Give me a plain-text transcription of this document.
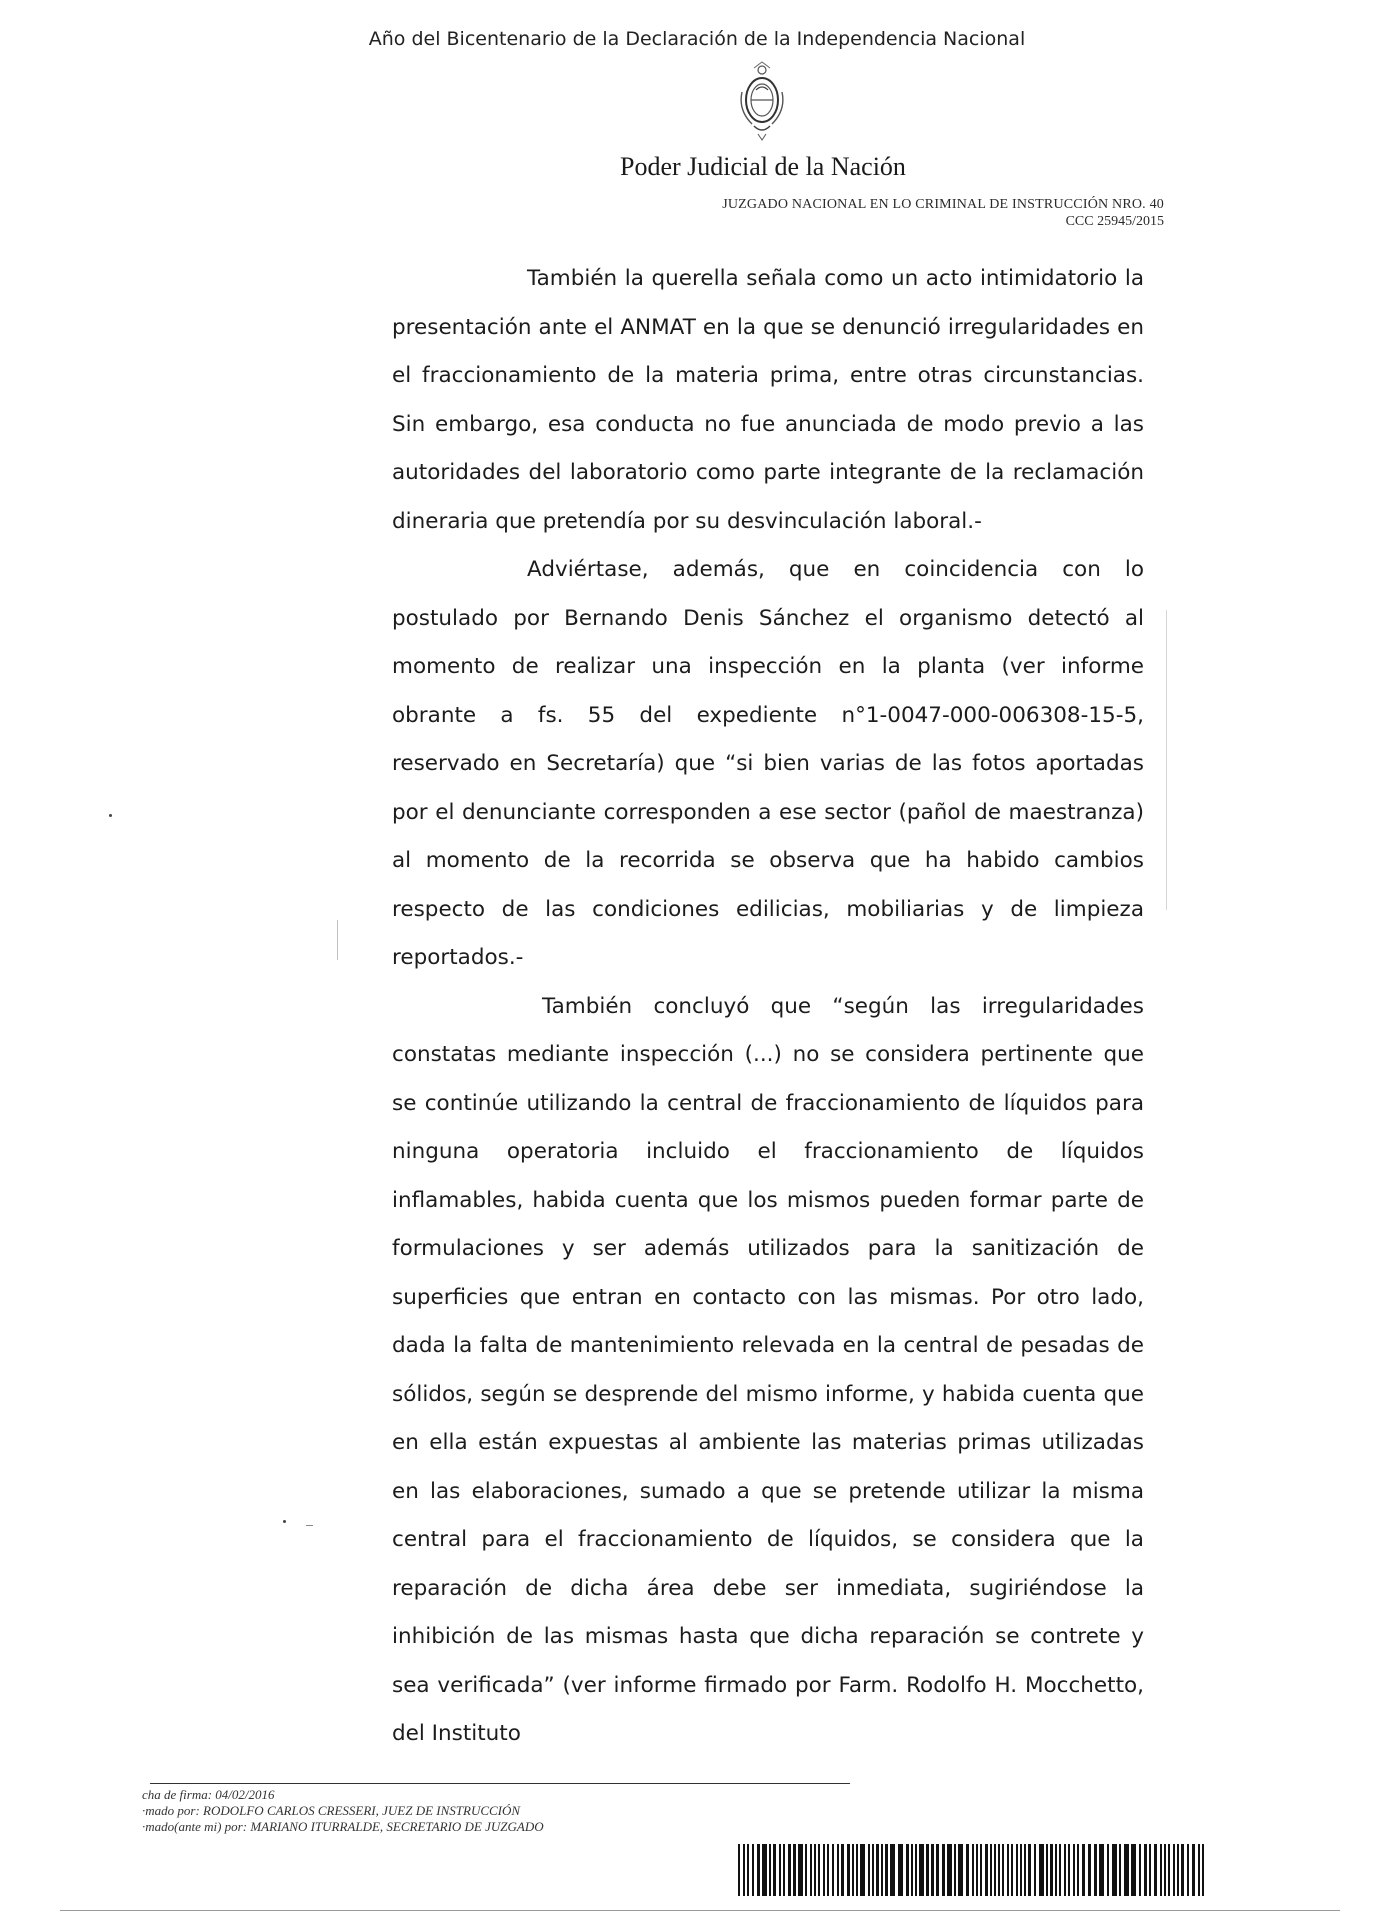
Año del Bicentenario de la Declaración de la Independencia Nacional
Poder Judicial de la Nación
JUZGADO NACIONAL EN LO CRIMINAL DE INSTRUCCIÓN NRO. 40
CCC 25945/2015

También la querella señala como un acto intimidatorio la presentación ante el ANMAT en la que se denunció irregularidades en el fraccionamiento de la materia prima, entre otras circunstancias. Sin embargo, esa conducta no fue anunciada de modo previo a las autoridades del laboratorio como parte integrante de la reclamación dineraria que pretendía por su desvinculación laboral.-

Adviértase, además, que en coincidencia con lo postulado por Bernando Denis Sánchez el organismo detectó al momento de realizar una inspección en la planta (ver informe obrante a fs. 55 del expediente n°1-0047-000-006308-15-5, reservado en Secretaría) que “si bien varias de las fotos aportadas por el denunciante corresponden a ese sector (pañol de maestranza) al momento de la recorrida se observa que ha habido cambios respecto de las condiciones edilicias, mobiliarias y de limpieza reportados.-

También concluyó que “según las irregularidades constatas mediante inspección (...) no se considera pertinente que se continúe utilizando la central de fraccionamiento de líquidos para ninguna operatoria incluido el fraccionamiento de líquidos inflamables, habida cuenta que los mismos pueden formar parte de formulaciones y ser además utilizados para la sanitización de superficies que entran en contacto con las mismas. Por otro lado, dada la falta de mantenimiento relevada en la central de pesadas de sólidos, según se desprende del mismo informe, y habida cuenta que en ella están expuestas al ambiente las materias primas utilizadas en las elaboraciones, sumado a que se pretende utilizar la misma central para el fraccionamiento de líquidos, se considera que la reparación de dicha área debe ser inmediata, sugiriéndose la inhibición de las mismas hasta que dicha reparación se contrete y sea verificada” (ver informe firmado por Farm. Rodolfo H. Mocchetto, del Instituto

cha de firma: 04/02/2016
·mado por: RODOLFO CARLOS CRESSERI, JUEZ DE INSTRUCCIÓN
·mado(ante mi) por: MARIANO ITURRALDE, SECRETARIO DE JUZGADO
